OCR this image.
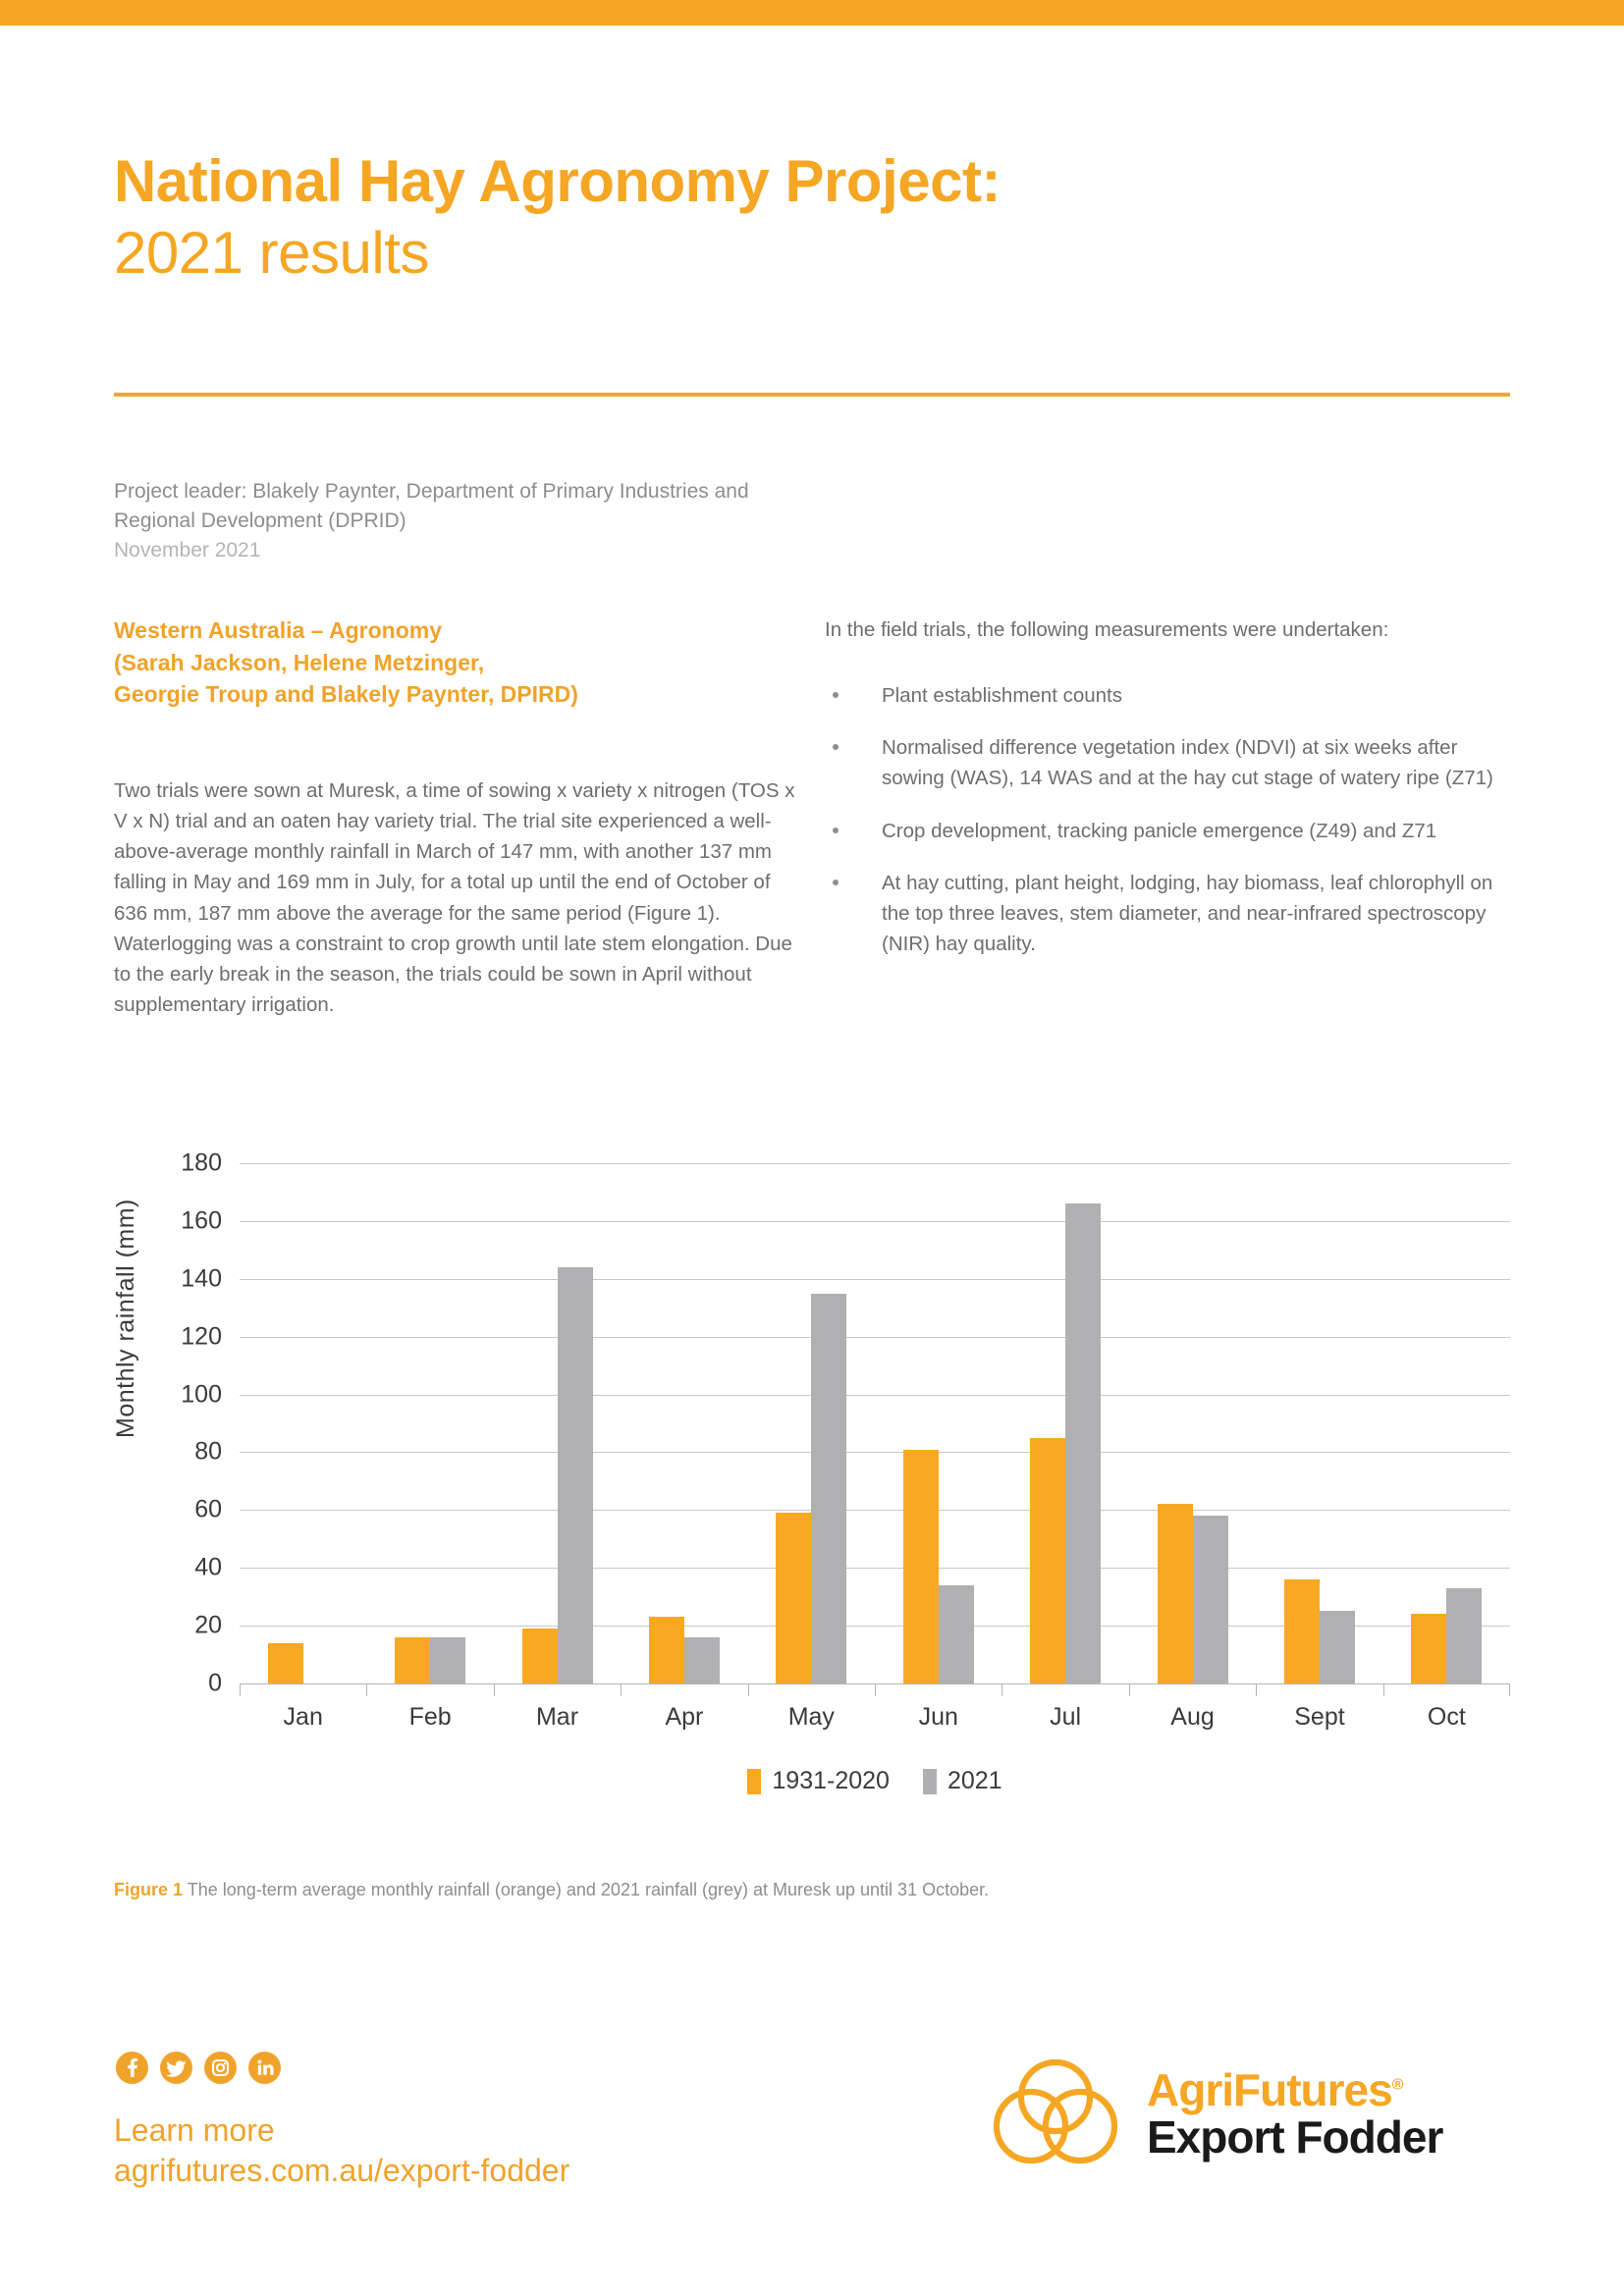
National Hay Agronomy Project:
2021 results
Project leader: Blakely Paynter, Department of Primary Industries and Regional Development (DPRID)
November 2021
Western Australia – Agronomy
(Sarah Jackson, Helene Metzinger,
Georgie Troup and Blakely Paynter, DPIRD)

Two trials were sown at Muresk, a time of sowing x variety x nitrogen (TOS x V x N) trial and an oaten hay variety trial. The trial site experienced a well-above-average monthly rainfall in March of 147 mm, with another 137 mm falling in May and 169 mm in July, for a total up until the end of October of 636 mm, 187 mm above the average for the same period (Figure 1). Waterlogging was a constraint to crop growth until late stem elongation. Due to the early break in the season, the trials could be sown in April without supplementary irrigation.

In the field trials, the following measurements were undertaken:

Plant establishment counts
Normalised difference vegetation index (NDVI) at six weeks after sowing (WAS), 14 WAS and at the hay cut stage of watery ripe (Z71)
Crop development, tracking panicle emergence (Z49) and Z71
At hay cutting, plant height, lodging, hay biomass, leaf chlorophyll on the top three leaves, stem diameter, and near-infrared spectroscopy (NIR) hay quality.
Monthly rainfall (mm)
0
20
40
60
80
100
120
140
160
180
Jan	Feb	Mar	Apr	May	Jun	Jul	Aug	Sept	Oct
1931-2020 2021
Figure 1 The long-term average monthly rainfall (orange) and 2021 rainfall (grey) at Muresk up until 31 October.
Learn more
agrifutures.com.au/export-fodder
AgriFutures®
Export Fodder
